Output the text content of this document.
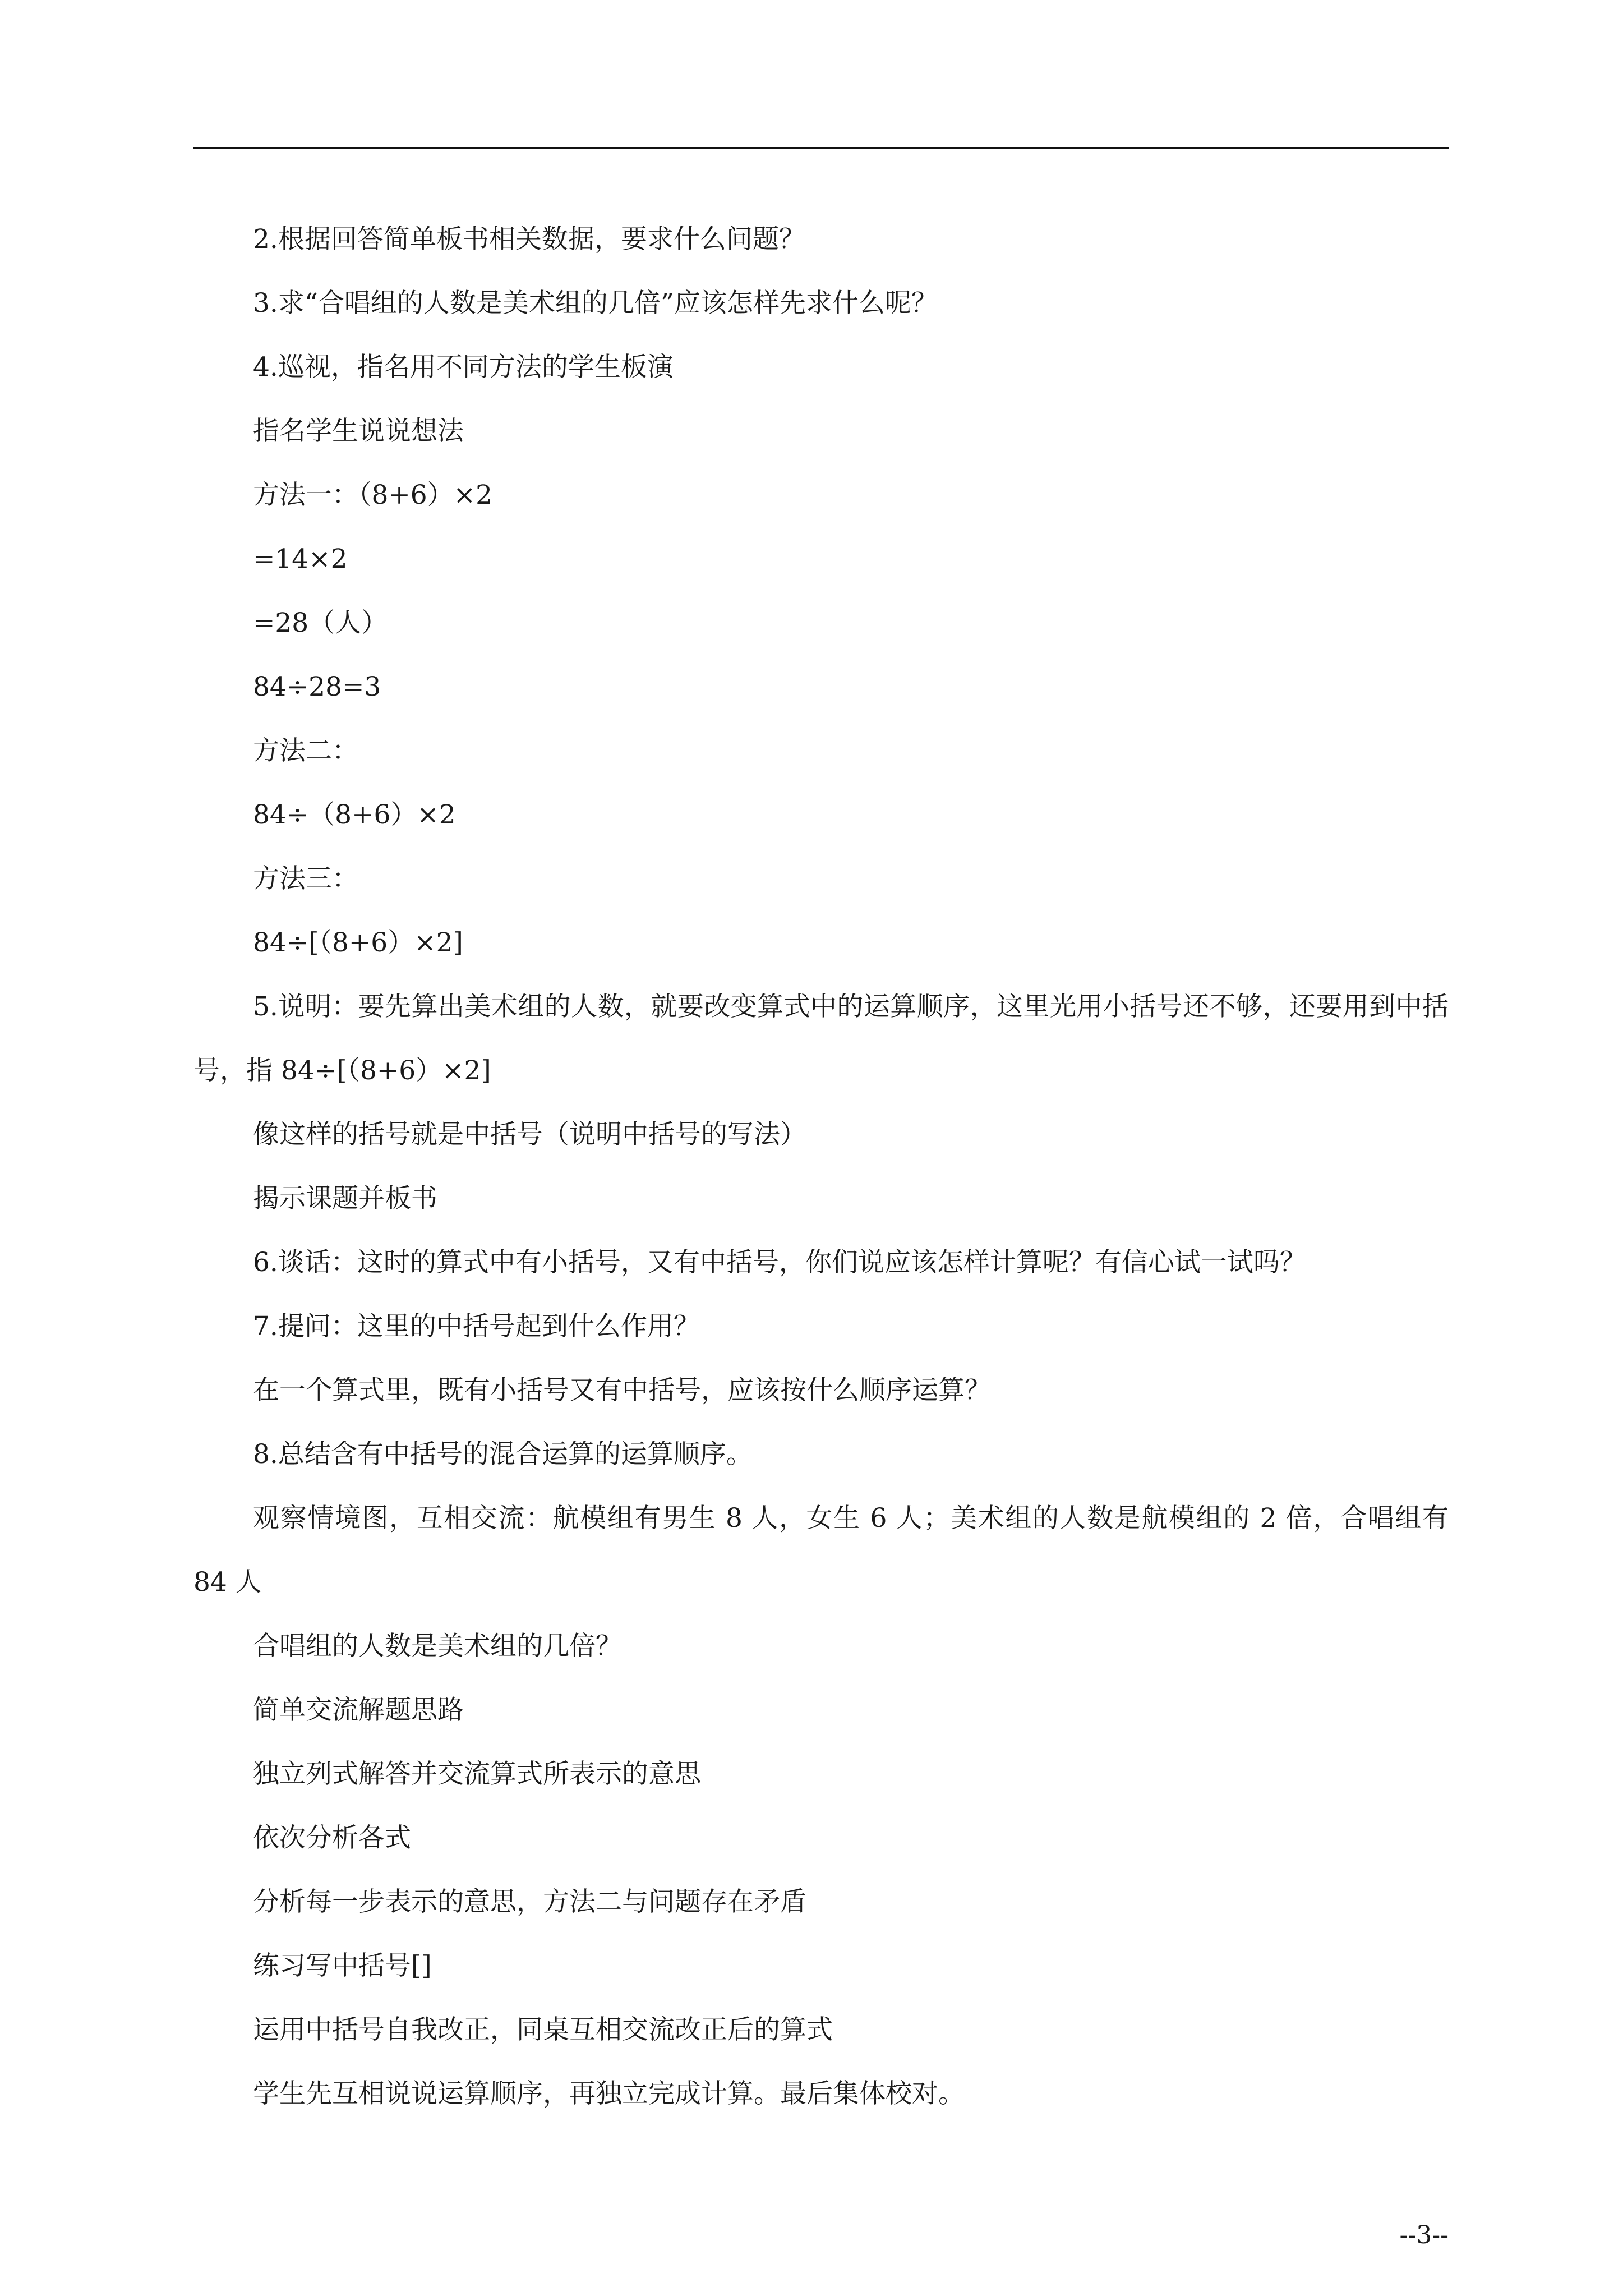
2.根据回答简单板书相关数据，要求什么问题？

3.求“合唱组的人数是美术组的几倍”应该怎样先求什么呢？

4.巡视，指名用不同方法的学生板演

指名学生说说想法

方法一：（8+6）×2

=14×2

=28（人）

84÷28=3

方法二：

84÷（8+6）×2

方法三：

84÷[（8+6）×2]

5.说明：要先算出美术组的人数，就要改变算式中的运算顺序，这里光用小括号还不够，还要用到中括号，指 84÷[（8+6）×2]

像这样的括号就是中括号（说明中括号的写法）

揭示课题并板书

6.谈话：这时的算式中有小括号，又有中括号，你们说应该怎样计算呢？有信心试一试吗？

7.提问：这里的中括号起到什么作用？

在一个算式里，既有小括号又有中括号，应该按什么顺序运算？

8.总结含有中括号的混合运算的运算顺序。

观察情境图，互相交流：航模组有男生 8 人，女生 6 人；美术组的人数是航模组的 2 倍，合唱组有 84 人

合唱组的人数是美术组的几倍？

简单交流解题思路

独立列式解答并交流算式所表示的意思

依次分析各式

分析每一步表示的意思，方法二与问题存在矛盾

练习写中括号[]

运用中括号自我改正，同桌互相交流改正后的算式

学生先互相说说运算顺序，再独立完成计算。最后集体校对。

--3--
